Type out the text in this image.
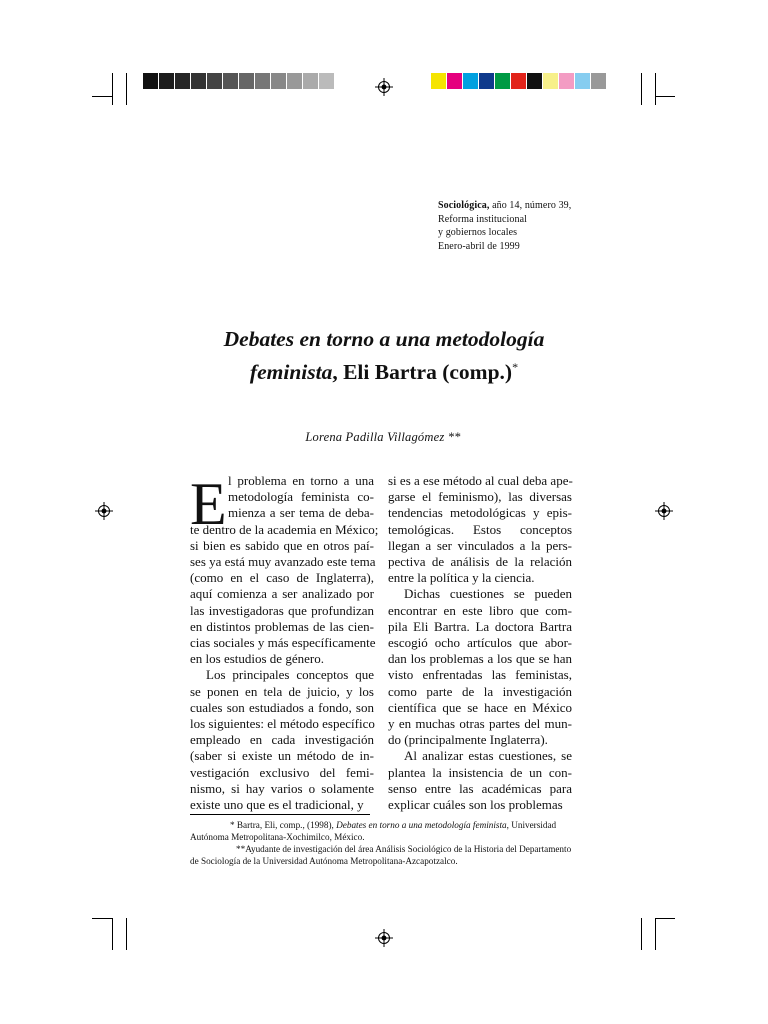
Sociológica, año 14, número 39,
Reforma institucional
y gobiernos locales
Enero-abril de 1999
Debates en torno a una metodología
feminista, Eli Bartra (comp.)*
Lorena Padilla Villagómez **
E l problema en torno a una
metodología feminista co-
mienza a ser tema de deba-
te dentro de la academia en México;
si bien es sabido que en otros paí-
ses ya está muy avanzado este tema
(como en el caso de Inglaterra),
aquí comienza a ser analizado por
las investigadoras que profundizan
en distintos problemas de las cien-
cias sociales y más específicamente
en los estudios de género.
Los principales conceptos que
se ponen en tela de juicio, y los
cuales son estudiados a fondo, son
los siguientes: el método específico
empleado en cada investigación
(saber si existe un método de in-
vestigación exclusivo del femi-
nismo, si hay varios o solamente
existe uno que es el tradicional, y
si es a ese método al cual deba ape-
garse el feminismo), las diversas
tendencias metodológicas y epis-
temológicas. Estos conceptos
llegan a ser vinculados a la pers-
pectiva de análisis de la relación
entre la política y la ciencia.
Dichas cuestiones se pueden
encontrar en este libro que com-
pila Eli Bartra. La doctora Bartra
escogió ocho artículos que abor-
dan los problemas a los que se han
visto enfrentadas las feministas,
como parte de la investigación
científica que se hace en México
y en muchas otras partes del mun-
do (principalmente Inglaterra).
Al analizar estas cuestiones, se
plantea la insistencia de un con-
senso entre las académicas para
explicar cuáles son los problemas
* Bartra, Eli, comp., (1998), Debates en torno a una metodología feminista, Universidad
Autónoma Metropolitana-Xochimilco, México.
**Ayudante de investigación del área Análisis Sociológico de la Historia del Departamento
de Sociología de la Universidad Autónoma Metropolitana-Azcapotzalco.
